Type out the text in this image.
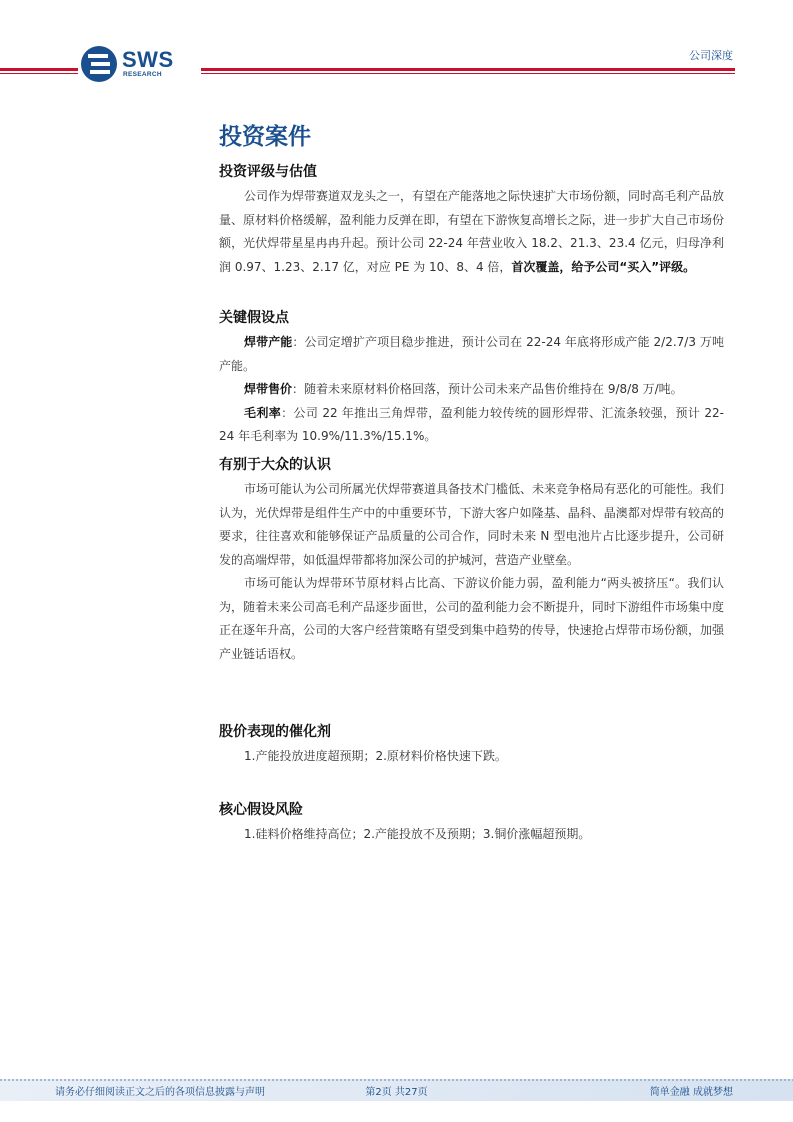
SWS
RESEARCH
公司深度
投资案件
投资评级与估值

公司作为焊带赛道双龙头之一，有望在产能落地之际快速扩大市场份额，同时高毛利产品放量、原材料价格缓解，盈利能力反弹在即，有望在下游恢复高增长之际，进一步扩大自己市场份额，光伏焊带星星冉冉升起。预计公司 22-24 年营业收入 18.2、21.3、23.4 亿元，归母净利润 0.97、1.23、2.17 亿，对应 PE 为 10、8、4 倍，首次覆盖，给予公司“买入”评级。

关键假设点

焊带产能：公司定增扩产项目稳步推进，预计公司在 22-24 年底将形成产能 2/2.7/3 万吨产能。

焊带售价：随着未来原材料价格回落，预计公司未来产品售价维持在 9/8/8 万/吨。

毛利率：公司 22 年推出三角焊带，盈利能力较传统的圆形焊带、汇流条较强，预计 22-24 年毛利率为 10.9%/11.3%/15.1%。

有别于大众的认识

市场可能认为公司所属光伏焊带赛道具备技术门槛低、未来竞争格局有恶化的可能性。我们认为，光伏焊带是组件生产中的中重要环节，下游大客户如隆基、晶科、晶澳都对焊带有较高的要求，往往喜欢和能够保证产品质量的公司合作，同时未来 N 型电池片占比逐步提升，公司研发的高端焊带，如低温焊带都将加深公司的护城河，营造产业壁垒。

市场可能认为焊带环节原材料占比高、下游议价能力弱，盈利能力“两头被挤压“。我们认为，随着未来公司高毛利产品逐步面世，公司的盈利能力会不断提升，同时下游组件市场集中度正在逐年升高，公司的大客户经营策略有望受到集中趋势的传导，快速抢占焊带市场份额，加强产业链话语权。

股价表现的催化剂

1.产能投放进度超预期；2.原材料价格快速下跌。

核心假设风险

1.硅料价格维持高位；2.产能投放不及预期；3.铜价涨幅超预期。

请务必仔细阅读正文之后的各项信息披露与声明	第2页 共27页	简单金融 成就梦想
